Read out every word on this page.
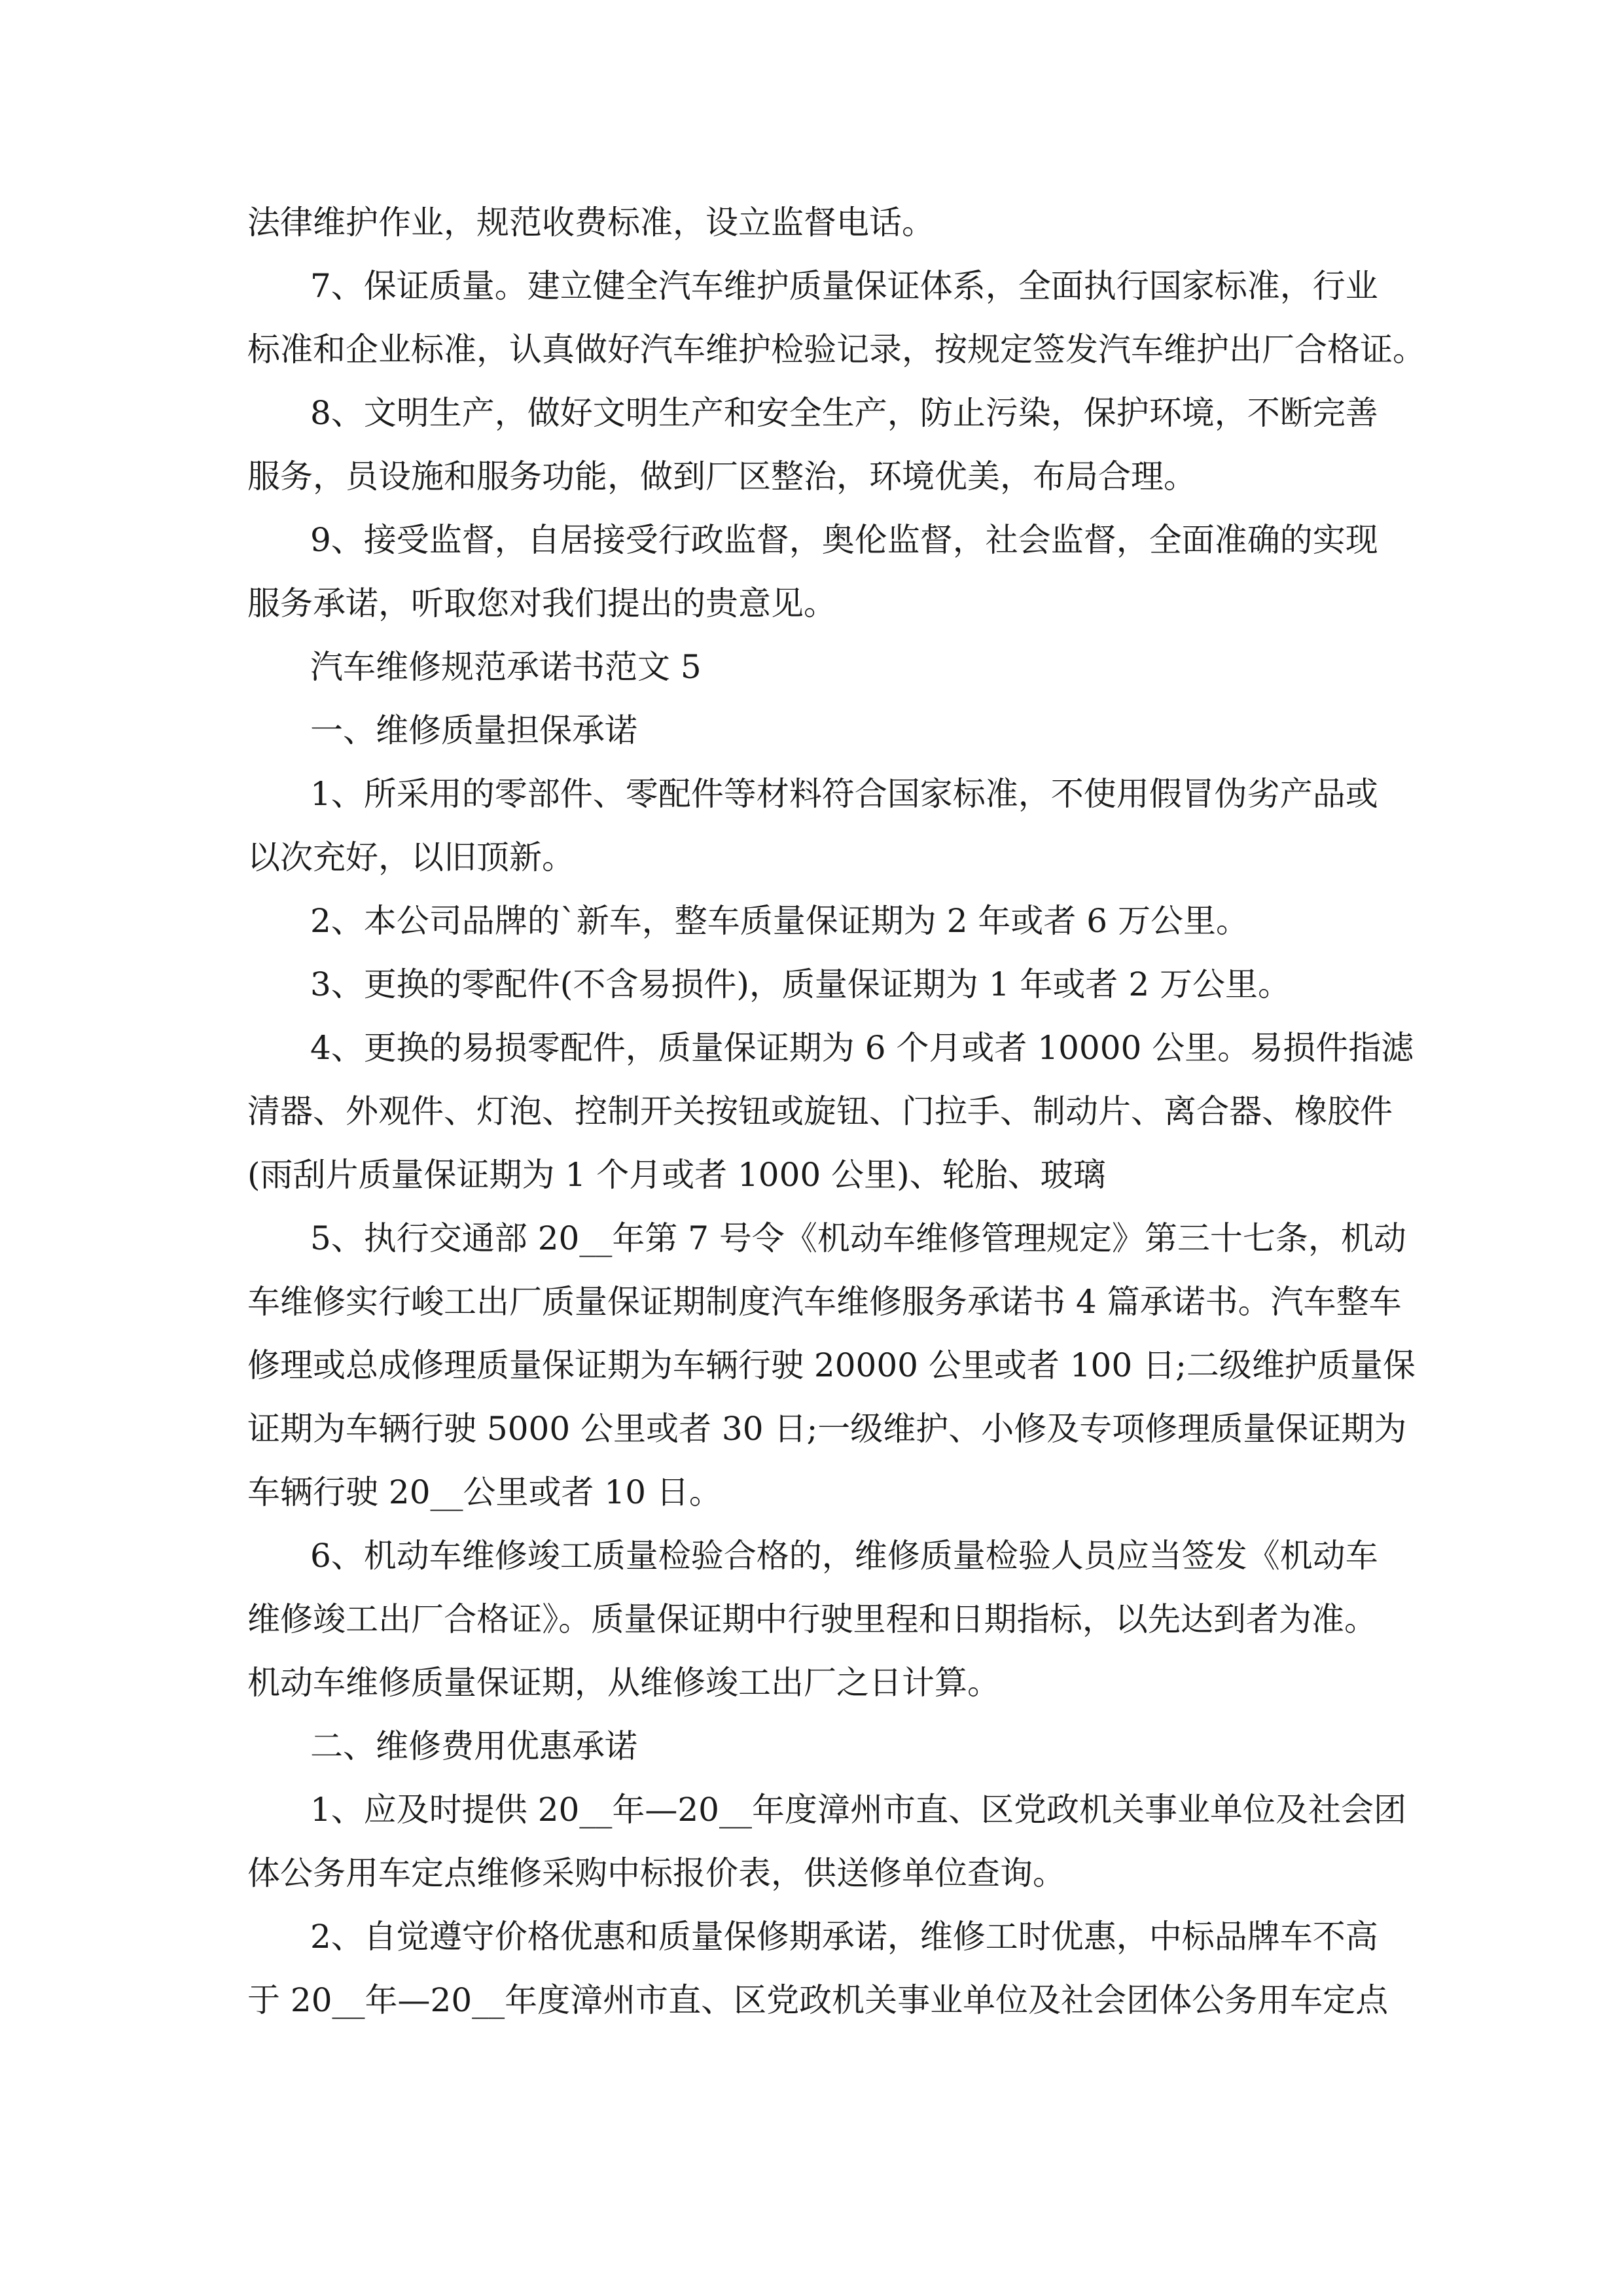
法律维护作业，规范收费标准，设立监督电话。
7、保证质量。建立健全汽车维护质量保证体系，全面执行国家标准，行业
标准和企业标准，认真做好汽车维护检验记录，按规定签发汽车维护出厂合格证。
8、文明生产，做好文明生产和安全生产，防止污染，保护环境，不断完善
服务，员设施和服务功能，做到厂区整治，环境优美，布局合理。
9、接受监督，自居接受行政监督，奥伦监督，社会监督，全面准确的实现
服务承诺，听取您对我们提出的贵意见。
汽车维修规范承诺书范文 5
一、维修质量担保承诺
1、所采用的零部件、零配件等材料符合国家标准，不使用假冒伪劣产品或
以次充好，以旧顶新。
2、本公司品牌的`新车，整车质量保证期为 2 年或者 6 万公里。
3、更换的零配件(不含易损件)，质量保证期为 1 年或者 2 万公里。
4、更换的易损零配件，质量保证期为 6 个月或者 10000 公里。易损件指滤
清器、外观件、灯泡、控制开关按钮或旋钮、门拉手、制动片、离合器、橡胶件
(雨刮片质量保证期为 1 个月或者 1000 公里)、轮胎、玻璃
5、执行交通部 20__年第 7 号令《机动车维修管理规定》第三十七条，机动
车维修实行峻工出厂质量保证期制度汽车维修服务承诺书 4 篇承诺书。汽车整车
修理或总成修理质量保证期为车辆行驶 20000 公里或者 100 日;二级维护质量保
证期为车辆行驶 5000 公里或者 30 日;一级维护、小修及专项修理质量保证期为
车辆行驶 20__公里或者 10 日。
6、机动车维修竣工质量检验合格的，维修质量检验人员应当签发《机动车
维修竣工出厂合格证》。质量保证期中行驶里程和日期指标，以先达到者为准。
机动车维修质量保证期，从维修竣工出厂之日计算。
二、维修费用优惠承诺
1、应及时提供 20__年—20__年度漳州市直、区党政机关事业单位及社会团
体公务用车定点维修采购中标报价表，供送修单位查询。
2、自觉遵守价格优惠和质量保修期承诺，维修工时优惠，中标品牌车不高
于 20__年—20__年度漳州市直、区党政机关事业单位及社会团体公务用车定点
